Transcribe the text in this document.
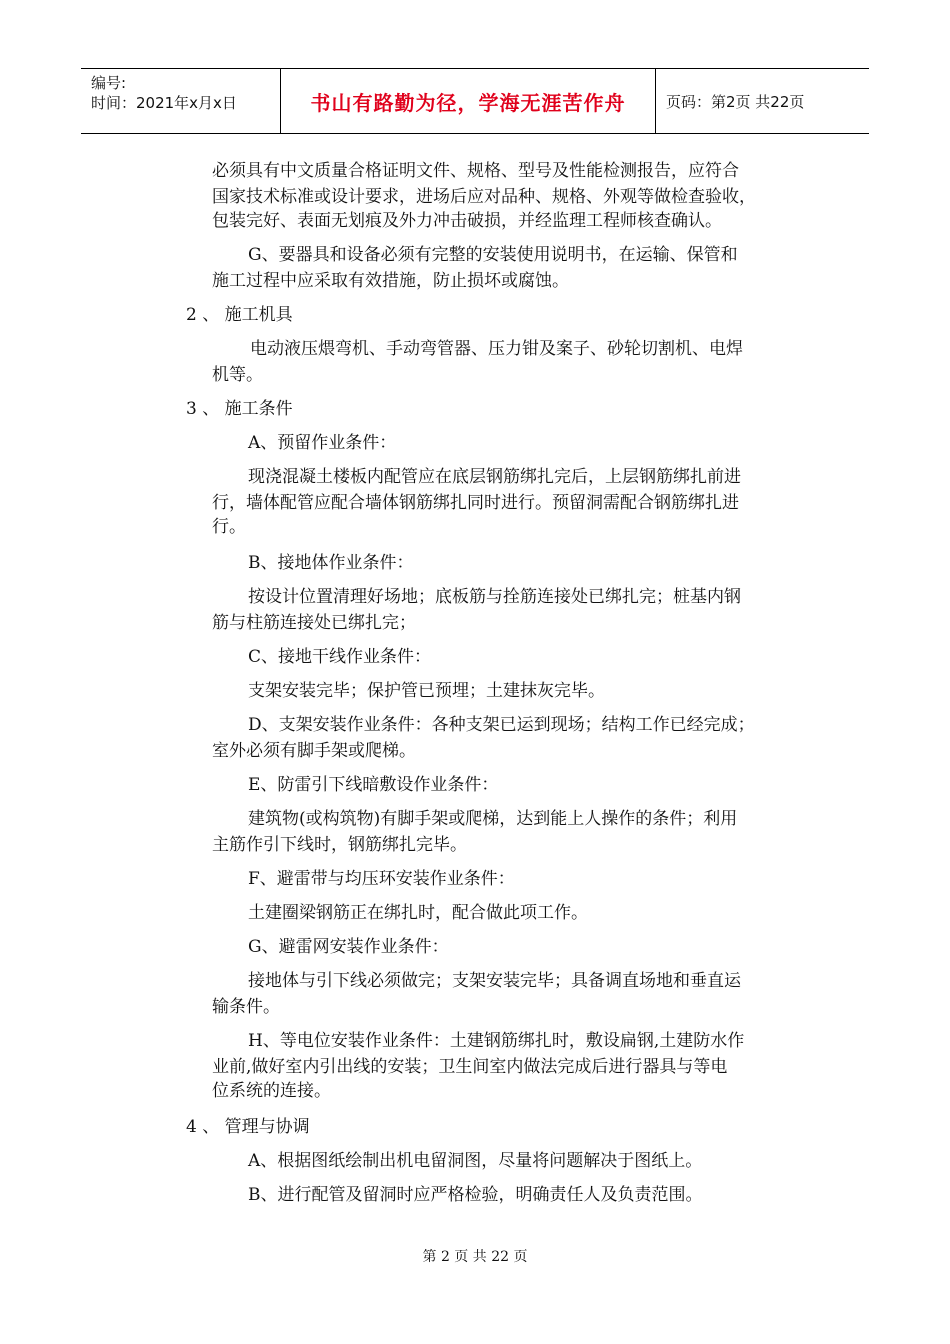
编号:
时间：2021年x月x日	书山有路勤为径，学海无涯苦作舟	页码：第2页 共22页
必须具有中文质量合格证明文件、规格、型号及性能检测报告，应符合
国家技术标准或设计要求，进场后应对品种、规格、外观等做检查验收，
包装完好、表面无划痕及外力冲击破损，并经监理工程师核查确认。
G、要器具和设备必须有完整的安装使用说明书，在运输、保管和
施工过程中应采取有效措施，防止损坏或腐蚀。
2 、 施工机具
电动液压煨弯机、手动弯管器、压力钳及案子、砂轮切割机、电焊
机等。
3 、 施工条件
A、预留作业条件：
现浇混凝土楼板内配管应在底层钢筋绑扎完后，上层钢筋绑扎前进
行，墙体配管应配合墙体钢筋绑扎同时进行。预留洞需配合钢筋绑扎进
行。
B、接地体作业条件：
按设计位置清理好场地；底板筋与拴筋连接处已绑扎完；桩基内钢
筋与柱筋连接处已绑扎完；
C、接地干线作业条件：
支架安装完毕；保护管已预埋；土建抹灰完毕。
D、支架安装作业条件：各种支架已运到现场；结构工作已经完成；
室外必须有脚手架或爬梯。
E、防雷引下线暗敷设作业条件：
建筑物(或构筑物)有脚手架或爬梯，达到能上人操作的条件；利用
主筋作引下线时，钢筋绑扎完毕。
F、避雷带与均压环安装作业条件：
土建圈梁钢筋正在绑扎时，配合做此项工作。
G、避雷网安装作业条件：
接地体与引下线必须做完；支架安装完毕；具备调直场地和垂直运
输条件。
H、等电位安装作业条件：土建钢筋绑扎时，敷设扁钢,土建防水作
业前,做好室内引出线的安装；卫生间室内做法完成后进行器具与等电
位系统的连接。
4 、 管理与协调
A、根据图纸绘制出机电留洞图，尽量将问题解决于图纸上。
B、进行配管及留洞时应严格检验，明确责任人及负责范围。
第 2 页 共 22 页
